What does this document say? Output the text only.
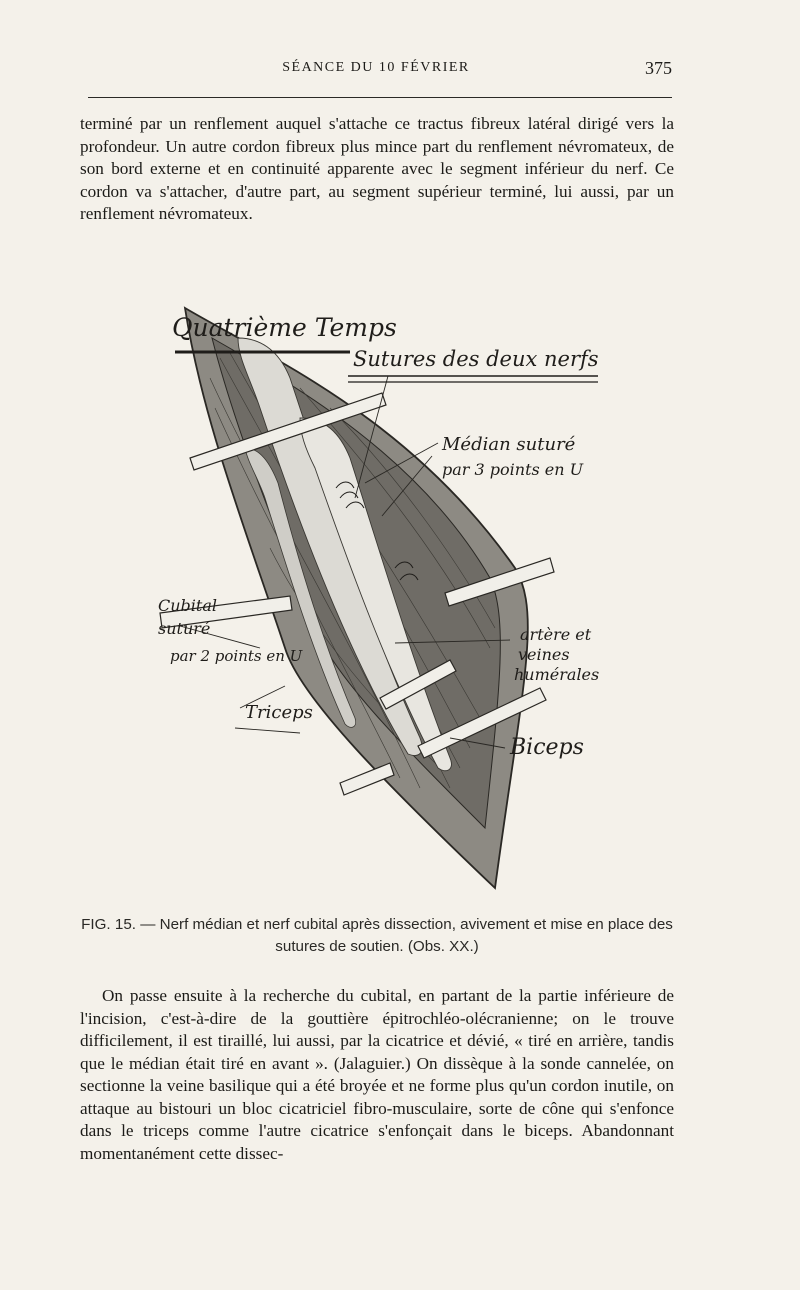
SÉANCE DU 10 FÉVRIER	375

terminé par un renflement auquel s'attache ce tractus fibreux latéral dirigé vers la profondeur. Un autre cordon fibreux plus mince part du renflement névromateux, de son bord externe et en continuité apparente avec le segment inférieur du nerf. Ce cordon va s'attacher, d'autre part, au segment supérieur terminé, lui aussi, par un renflement névromateux.

Quatrième Temps
Sutures des deux nerfs
Médian suturé
par 3 points en U
Cubital
suturé
par 2 points en U
artère et
veines
humérales
Triceps
Biceps
FIG. 15. — Nerf médian et nerf cubital après dissection, avivement et mise en place des sutures de soutien. (Obs. XX.)

On passe ensuite à la recherche du cubital, en partant de la partie inférieure de l'incision, c'est-à-dire de la gouttière épitrochléo-olécranienne; on le trouve difficilement, il est tiraillé, lui aussi, par la cicatrice et dévié, « tiré en arrière, tandis que le médian était tiré en avant ». (Jalaguier.) On dissèque à la sonde cannelée, on sectionne la veine basilique qui a été broyée et ne forme plus qu'un cordon inutile, on attaque au bistouri un bloc cicatriciel fibro-musculaire, sorte de cône qui s'enfonce dans le triceps comme l'autre cicatrice s'enfonçait dans le biceps. Abandonnant momentanément cette dissec-
